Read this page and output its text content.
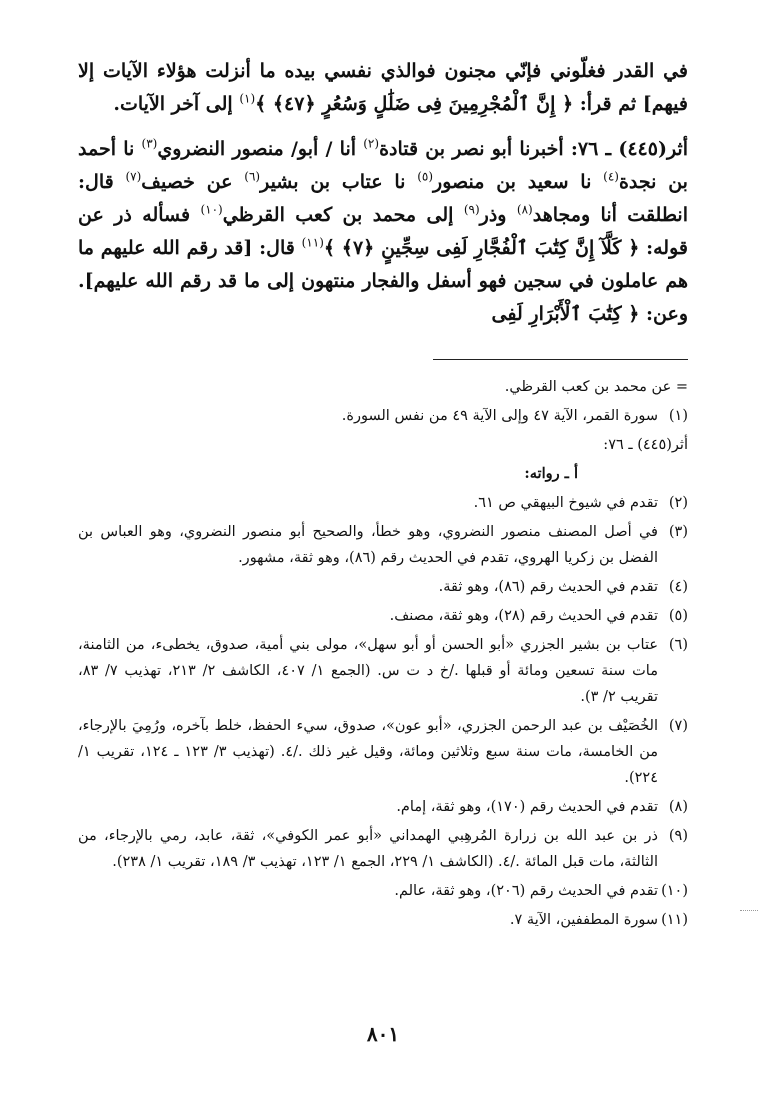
في القدر فغلّوني فإنّي مجنون فوالذي نفسي بيده ما أنزلت هؤلاء الآيات إلا فيهم] ثم قرأ: ﴿ إِنَّ ٱلْمُجْرِمِينَ فِى ضَلَٰلٍ وَسُعُرٍ ﴿٤٧﴾ ﴾$^{(١)}$ إلى آخر الآيات.

أثر(٤٤٥) ـ ٧٦: أخبرنا أبو نصر بن قتادة$^{(٢)}$ أنا / أبو/ منصور النضروي$^{(٣)}$ نا أحمد بن نجدة$^{(٤)}$ نا سعيد بن منصور$^{(٥)}$ نا عتاب بن بشير$^{(٦)}$ عن خصيف$^{(٧)}$ قال: انطلقت أنا ومجاهد$^{(٨)}$ وذر$^{(٩)}$ إلى محمد بن كعب القرظي$^{(١٠)}$ فسأله ذر عن قوله: ﴿ كَلَّآ إِنَّ كِتَٰبَ ٱلْفُجَّارِ لَفِى سِجِّينٍ ﴿٧﴾ ﴾$^{(١١)}$ قال: [قد رقم الله عليهم ما هم عاملون في سجين فهو أسفل والفجار منتهون إلى ما قد رقم الله عليهم]. وعن: ﴿ كِتَٰبَ ٱلْأَبْرَارِ لَفِى

= عن محمد بن كعب القرظي.
(١)
سورة القمر، الآية ٤٧ وإلى الآية ٤٩ من نفس السورة.
أثر(٤٤٥) ـ ٧٦:
أ ـ رواته:
(٢)
تقدم في شيوخ البيهقي ص ٦١.
(٣)
في أصل المصنف منصور النضروي، وهو خطأ، والصحيح أبو منصور النضروي، وهو العباس بن الفضل بن زكريا الهروي، تقدم في الحديث رقم (٨٦)، وهو ثقة، مشهور.
(٤)
تقدم في الحديث رقم (٨٦)، وهو ثقة.
(٥)
تقدم في الحديث رقم (٢٨)، وهو ثقة، مصنف.
(٦)
عتاب بن بشير الجزري «أبو الحسن أو أبو سهل»، مولى بني أمية، صدوق، يخطىء، من الثامنة، مات سنة تسعين ومائة أو قبلها ./خ د ت س. (الجمع ١/ ٤٠٧، الكاشف ٢/ ٢١٣، تهذيب ٧/ ٨٣، تقريب ٢/ ٣).
(٧)
الخُصَيْف بن عبد الرحمن الجزري، «أبو عون»، صدوق، سيء الحفظ، خلط بآخره، ورُمِيَ بالإرجاء، من الخامسة، مات سنة سبع وثلاثين ومائة، وقيل غير ذلك ./٤. (تهذيب ٣/ ١٢٣ ـ ١٢٤، تقريب ١/ ٢٢٤).
(٨)
تقدم في الحديث رقم (١٧٠)، وهو ثقة، إمام.
(٩)
ذر بن عبد الله بن زرارة المُرهِبي الهمداني «أبو عمر الكوفي»، ثقة، عابد، رمي بالإرجاء، من الثالثة، مات قبل المائة ./٤. (الكاشف ١/ ٢٢٩، الجمع ١/ ١٢٣، تهذيب ٣/ ١٨٩، تقريب ١/ ٢٣٨).
(١٠)
تقدم في الحديث رقم (٢٠٦)، وهو ثقة، عالم.
(١١)
سورة المطففين، الآية ٧.
٨٠١
